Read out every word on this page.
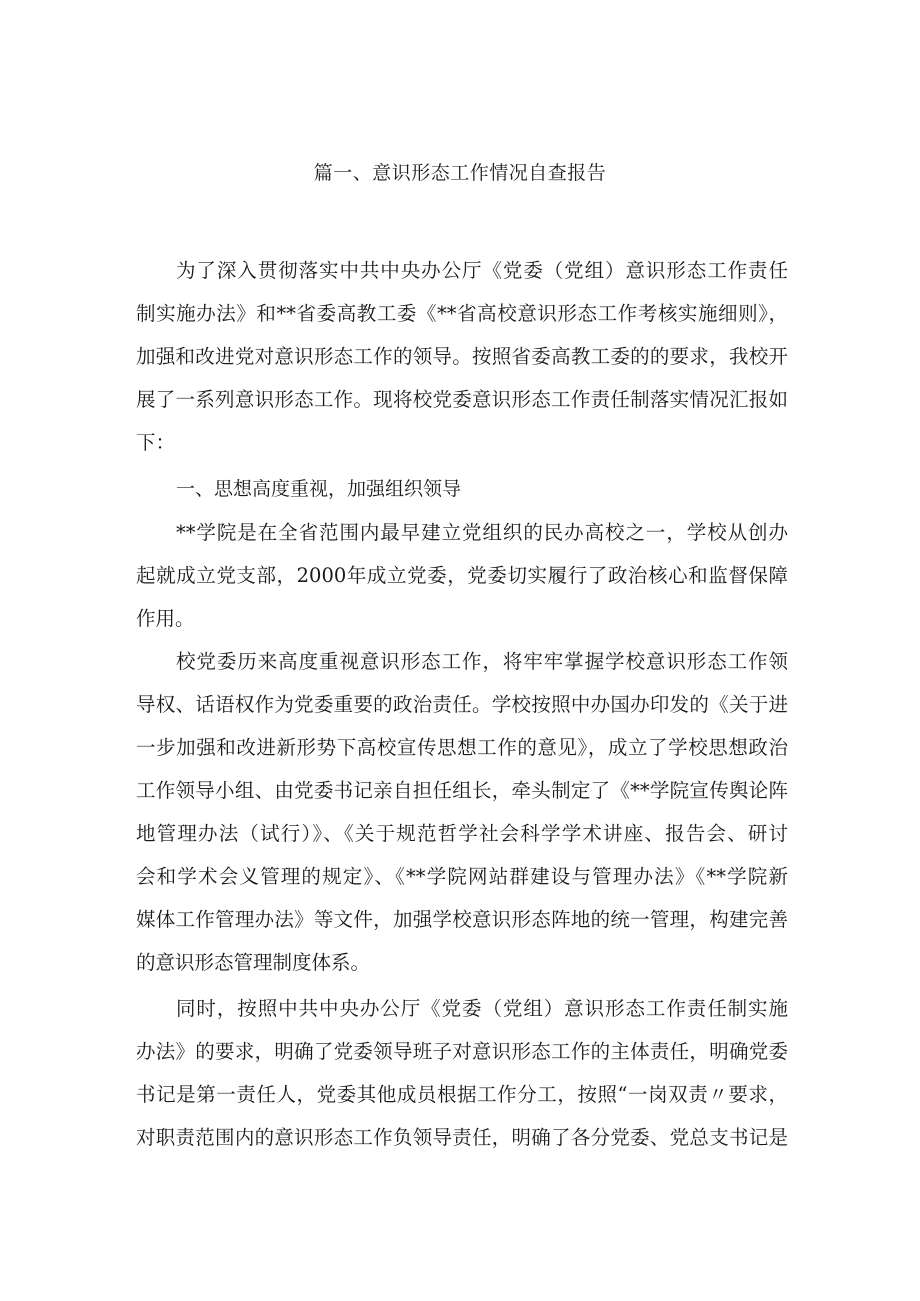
篇一、意识形态工作情况自查报告
为了深入贯彻落实中共中央办公厅《党委（党组）意识形态工作责任
制实施办法》和**省委高教工委《**省高校意识形态工作考核实施细则》，
加强和改进党对意识形态工作的领导。按照省委高教工委的的要求，我校开
展了一系列意识形态工作。现将校党委意识形态工作责任制落实情况汇报如
下：
一、思想高度重视，加强组织领导
**学院是在全省范围内最早建立党组织的民办高校之一，学校从创办
起就成立党支部，2000年成立党委，党委切实履行了政治核心和监督保障
作用。
校党委历来高度重视意识形态工作，将牢牢掌握学校意识形态工作领
导权、话语权作为党委重要的政治责任。学校按照中办国办印发的《关于进
一步加强和改进新形势下高校宣传思想工作的意见》，成立了学校思想政治
工作领导小组、由党委书记亲自担任组长，牵头制定了《**学院宣传舆论阵
地管理办法（试行）》、《关于规范哲学社会科学学术讲座、报告会、研讨
会和学术会义管理的规定》、《**学院网站群建设与管理办法》《**学院新
媒体工作管理办法》等文件，加强学校意识形态阵地的统一管理，构建完善
的意识形态管理制度体系。
同时，按照中共中央办公厅《党委（党组）意识形态工作责任制实施
办法》的要求，明确了党委领导班子对意识形态工作的主体责任，明确党委
书记是第一责任人，党委其他成员根据工作分工，按照“一岗双责〃要求，
对职责范围内的意识形态工作负领导责任，明确了各分党委、党总支书记是
